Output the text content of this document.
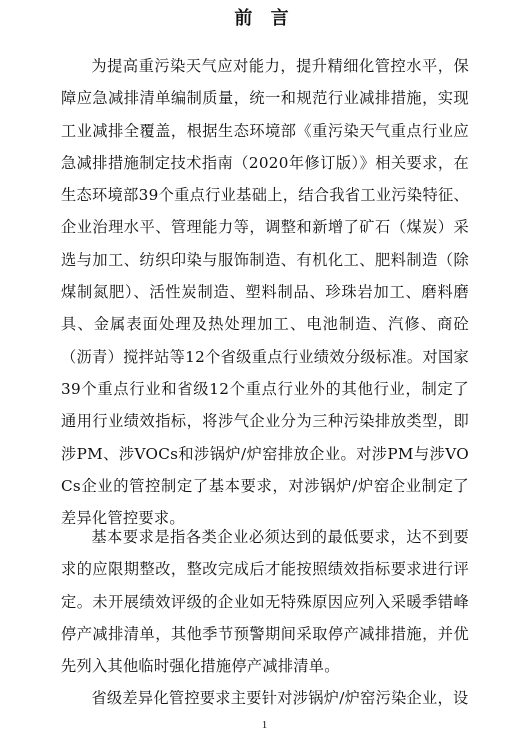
前 言

为提高重污染天气应对能力，提升精细化管控水平，保障应急减排清单编制质量，统一和规范行业减排措施，实现工业减排全覆盖，根据生态环境部《重污染天气重点行业应急减排措施制定技术指南（2020年修订版）》相关要求，在生态环境部39个重点行业基础上，结合我省工业污染特征、企业治理水平、管理能力等，调整和新增了矿石（煤炭）采选与加工、纺织印染与服饰制造、有机化工、肥料制造（除煤制氮肥）、活性炭制造、塑料制品、珍珠岩加工、磨料磨具、金属表面处理及热处理加工、电池制造、汽修、商砼（沥青）搅拌站等12个省级重点行业绩效分级标准。对国家39个重点行业和省级12个重点行业外的其他行业，制定了通用行业绩效指标，将涉气企业分为三种污染排放类型，即涉PM、涉VOCs和涉锅炉/炉窑排放企业。对涉PM与涉VOCs企业的管控制定了基本要求，对涉锅炉/炉窑企业制定了差异化管控要求。

基本要求是指各类企业必须达到的最低要求，达不到要求的应限期整改，整改完成后才能按照绩效指标要求进行评定。未开展绩效评级的企业如无特殊原因应列入采暖季错峰停产减排清单，其他季节预警期间采取停产减排措施，并优先列入其他临时强化措施停产减排清单。

省级差异化管控要求主要针对涉锅炉/炉窑污染企业，设

1
